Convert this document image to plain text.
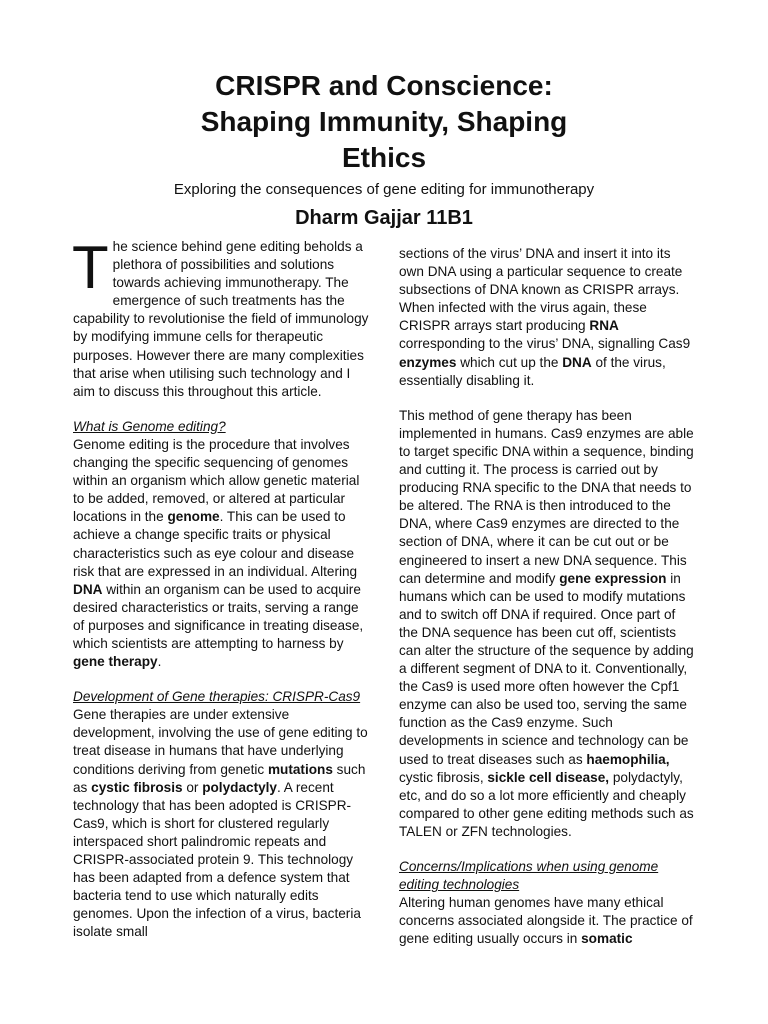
CRISPR and Conscience:
Shaping Immunity, Shaping
Ethics

Exploring the consequences of gene editing for immunotherapy

Dharm Gajjar 11B1

The science behind gene editing beholds a plethora of possibilities and solutions towards achieving immunotherapy. The emergence of such treatments has the capability to revolutionise the field of immunology by modifying immune cells for therapeutic purposes. However there are many complexities that arise when utilising such technology and I aim to discuss this throughout this article.

What is Genome editing?

Genome editing is the procedure that involves changing the specific sequencing of genomes within an organism which allow genetic material to be added, removed, or altered at particular locations in the genome. This can be used to achieve a change specific traits or physical characteristics such as eye colour and disease risk that are expressed in an individual. Altering DNA within an organism can be used to acquire desired characteristics or traits, serving a range of purposes and significance in treating disease, which scientists are attempting to harness by gene therapy.

Development of Gene therapies: CRISPR-Cas9 Gene therapies are under extensive development, involving the use of gene editing to treat disease in humans that have underlying conditions deriving from genetic mutations such as cystic fibrosis or polydactyly. A recent technology that has been adopted is CRISPR-Cas9, which is short for clustered regularly interspaced short palindromic repeats and CRISPR-associated protein 9. This technology has been adapted from a defence system that bacteria tend to use which naturally edits genomes. Upon the infection of a virus, bacteria isolate small

sections of the virus’ DNA and insert it into its own DNA using a particular sequence to create subsections of DNA known as CRISPR arrays. When infected with the virus again, these CRISPR arrays start producing RNA corresponding to the virus’ DNA, signalling Cas9 enzymes which cut up the DNA of the virus, essentially disabling it.

This method of gene therapy has been implemented in humans. Cas9 enzymes are able to target specific DNA within a sequence, binding and cutting it. The process is carried out by producing RNA specific to the DNA that needs to be altered. The RNA is then introduced to the DNA, where Cas9 enzymes are directed to the section of DNA, where it can be cut out or be engineered to insert a new DNA sequence. This can determine and modify gene expression in humans which can be used to modify mutations and to switch off DNA if required. Once part of the DNA sequence has been cut off, scientists can alter the structure of the sequence by adding a different segment of DNA to it. Conventionally, the Cas9 is used more often however the Cpf1 enzyme can also be used too, serving the same function as the Cas9 enzyme. Such developments in science and technology can be used to treat diseases such as haemophilia, cystic fibrosis, sickle cell disease, polydactyly, etc, and do so a lot more efficiently and cheaply compared to other gene editing methods such as TALEN or ZFN technologies.

Concerns/Implications when using genome editing technologies

Altering human genomes have many ethical concerns associated alongside it. The practice of gene editing usually occurs in somatic
